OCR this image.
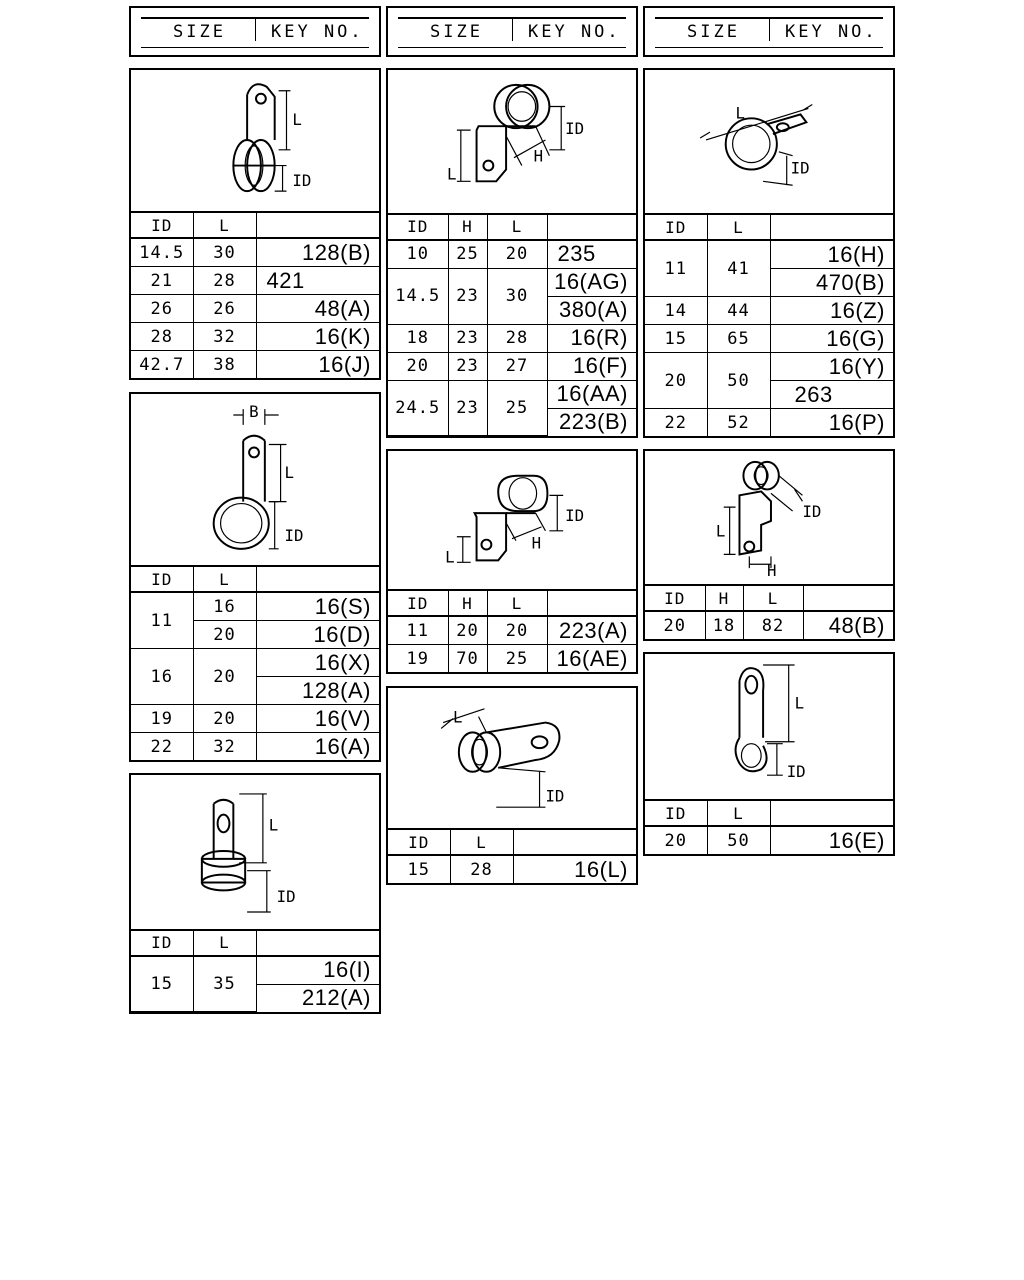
SIZE	KEY NO.	SIZE	KEY NO.	SIZE	KEY NO.
L
ID
ID	L	
14.5	30	128(B)
21	28	421
26	26	48(A)
28	32	16(K)
42.7	38	16(J)
B
L
ID
ID	L	
11	16	16(S)
	20	16(D)
16	20	16(X)
		128(A)
19	20	16(V)
22	32	16(A)
L
ID
ID	L	
15	35	16(I)
		212(A)
ID
L
H
ID	H	L	
10	25	20	235
14.5	23	30	16(AG)
			380(A)
18	23	28	16(R)
20	23	27	16(F)
24.5	23	25	16(AA)
			223(B)
ID
L
H
ID	H	L	
11	20	20	223(A)
19	70	25	16(AE)
L
ID
ID	L	
15	28	16(L)
L
ID
ID	L	
11	41	16(H)
		470(B)
14	44	16(Z)
15	65	16(G)
20	50	16(Y)
		263
22	52	16(P)
ID
L
H
ID	H	L	
20	18	82	48(B)
L
ID
ID	L	
20	50	16(E)
